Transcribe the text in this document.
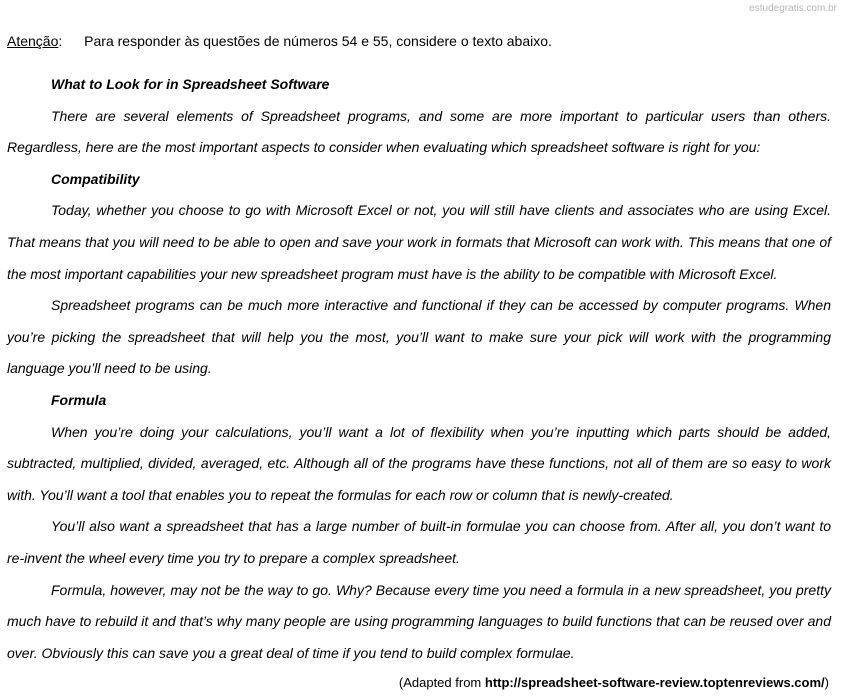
estudegratis.com.br
Atenção: Para responder às questões de números 54 e 55, considere o texto abaixo.
What to Look for in Spreadsheet Software

There are several elements of Spreadsheet programs, and some are more important to particular users than others. Regardless, here are the most important aspects to consider when evaluating which spreadsheet software is right for you:

Compatibility

Today, whether you choose to go with Microsoft Excel or not, you will still have clients and associates who are using Excel. That means that you will need to be able to open and save your work in formats that Microsoft can work with. This means that one of the most important capabilities your new spreadsheet program must have is the ability to be compatible with Microsoft Excel.

Spreadsheet programs can be much more interactive and functional if they can be accessed by computer programs. When you’re picking the spreadsheet that will help you the most, you’ll want to make sure your pick will work with the programming language you’ll need to be using.

Formula

When you’re doing your calculations, you’ll want a lot of flexibility when you’re inputting which parts should be added, subtracted, multiplied, divided, averaged, etc. Although all of the programs have these functions, not all of them are so easy to work with. You’ll want a tool that enables you to repeat the formulas for each row or column that is newly-created.

You’ll also want a spreadsheet that has a large number of built-in formulae you can choose from. After all, you don’t want to re-invent the wheel every time you try to prepare a complex spreadsheet.

Formula, however, may not be the way to go. Why? Because every time you need a formula in a new spreadsheet, you pretty much have to rebuild it and that’s why many people are using programming languages to build functions that can be reused over and over. Obviously this can save you a great deal of time if you tend to build complex formulae.

(Adapted from http://spreadsheet-software-review.toptenreviews.com/)
